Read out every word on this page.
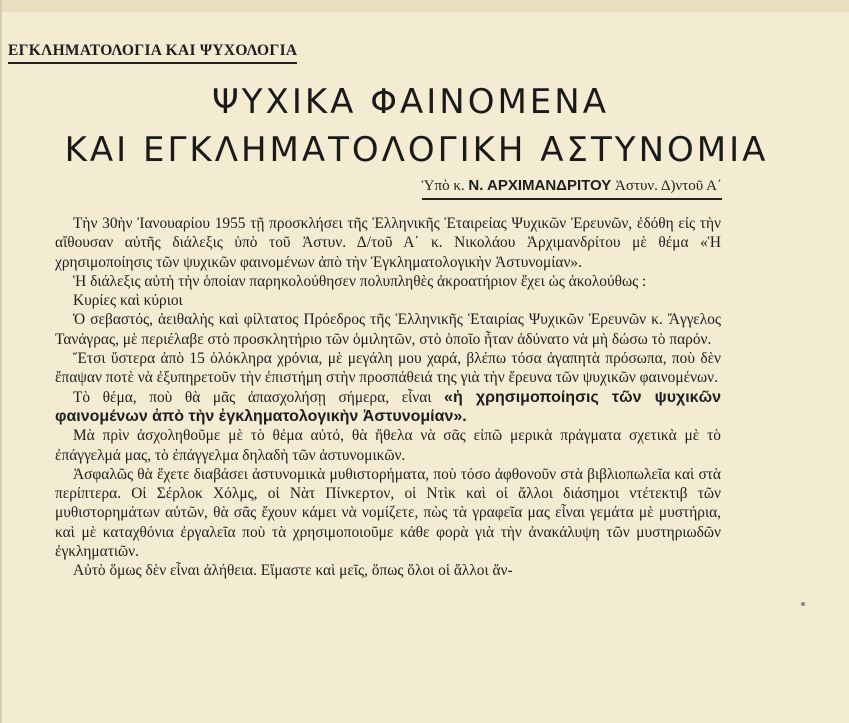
ΕΓΚΛΗΜΑΤΟΛΟΓΙΑ ΚΑΙ ΨΥΧΟΛΟΓΙΑ
ΨΥΧΙΚΑ ΦΑΙΝΟΜΕΝΑ
ΚΑΙ ΕΓΚΛΗΜΑΤΟΛΟΓΙΚΗ ΑΣΤΥΝΟΜΙΑ
Ὑπὸ κ. Ν. ΑΡΧΙΜΑΝΔΡΙΤΟΥ Ἀστυν. Δ)ντοῦ Α΄

Τὴν 30ὴν Ἰανουαρίου 1955 τῇ προσκλήσει τῆς Ἑλληνικῆς Ἑταιρείας Ψυχικῶν Ἐρευνῶν, ἐδόθη εἰς τὴν αἴθουσαν αὐτῆς διάλεξις ὑπὸ τοῦ Ἀστυν. Δ/τοῦ Α΄ κ. Νικολάου Ἀρχιμανδρίτου μὲ θέμα «Ἡ χρησιμοποίησις τῶν ψυχικῶν φαινομένων ἀπὸ τὴν Ἐγκληματολογικὴν Ἀστυνομίαν».

Ἡ διάλεξις αὐτὴ τὴν ὁποίαν παρηκολούθησεν πολυπληθὲς ἀκροατήριον ἔχει ὡς ἀκολούθως :

Κυρίες καὶ κύριοι

Ὁ σεβαστός, ἀειθαλὴς καὶ φίλτατος Πρόεδρος τῆς Ἑλληνικῆς Ἑταιρίας Ψυχικῶν Ἐρευνῶν κ. Ἄγγελος Τανάγρας, μὲ περιέλαβε στὸ προσκλητήριο τῶν ὁμιλητῶν, στὸ ὁποῖο ἦταν ἀδύνατο νὰ μὴ δώσω τὸ παρόν.

Ἔτσι ὕστερα ἀπὸ 15 ὁλόκληρα χρόνια, μὲ μεγάλη μου χαρά, βλέπω τόσα ἀγαπητὰ πρόσωπα, ποὺ δὲν ἔπαψαν ποτὲ νὰ ἐξυπηρετοῦν τὴν ἐπιστήμη στὴν προσπάθειά της γιὰ τὴν ἔρευνα τῶν ψυχικῶν φαινομένων.

Τὸ θέμα, ποὺ θὰ μᾶς ἀπασχολήσῃ σήμερα, εἶναι «ἡ χρησιμοποίησις τῶν ψυχικῶν φαινομένων ἀπὸ τὴν ἐγκληματολογικὴν Ἀστυνομίαν».

Μὰ πρὶν ἀσχοληθοῦμε μὲ τὸ θέμα αὐτό, θὰ ἤθελα νὰ σᾶς εἰπῶ μερικὰ πράγματα σχετικὰ μὲ τὸ ἐπάγγελμά μας, τὸ ἐπάγγελμα δηλαδὴ τῶν ἀστυνομικῶν.

Ἀσφαλῶς θὰ ἔχετε διαβάσει ἀστυνομικὰ μυθιστορήματα, ποὺ τόσο ἀφθονοῦν στὰ βιβλιοπωλεῖα καὶ στὰ περίπτερα. Οἱ Σέρλοκ Χόλμς, οἱ Νὰτ Πίνκερτον, οἱ Ντὶκ καὶ οἱ ἄλλοι διάσημοι ντέτεκτιβ τῶν μυθιστορημάτων αὐτῶν, θὰ σᾶς ἔχουν κάμει νὰ νομίζετε, πὼς τὰ γραφεῖα μας εἶναι γεμάτα μὲ μυστήρια, καὶ μὲ καταχθόνια ἐργαλεῖα ποὺ τὰ χρησιμοποιοῦμε κάθε φορὰ γιὰ τὴν ἀνακάλυψη τῶν μυστηριωδῶν ἐγκληματιῶν.

Αὐτὸ ὅμως δὲν εἶναι ἀλήθεια. Εἴμαστε καὶ μεῖς, ὅπως ὅλοι οἱ ἄλλοι ἄν-
